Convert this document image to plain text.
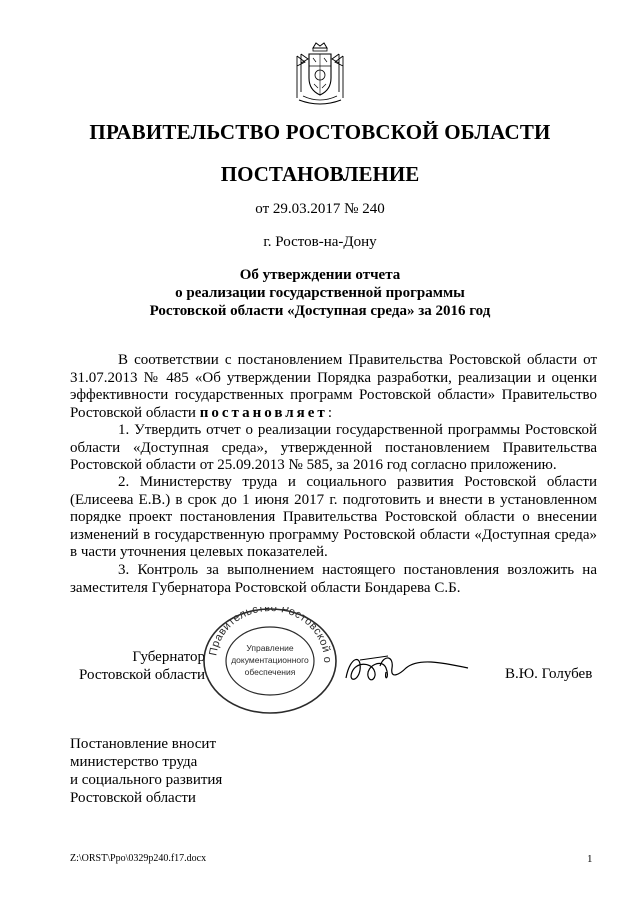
ПРАВИТЕЛЬСТВО РОСТОВСКОЙ ОБЛАСТИ
ПОСТАНОВЛЕНИЕ
от 29.03.2017 № 240
г. Ростов-на-Дону
Об утверждении отчета
о реализации государственной программы
Ростовской области «Доступная среда» за 2016 год
В соответствии с постановлением Правительства Ростовской области от 31.07.2013 № 485 «Об утверждении Порядка разработки, реализации и оценки эффективности государственных программ Ростовской области» Правительство Ростовской области постановляет:
1. Утвердить отчет о реализации государственной программы Ростовской области «Доступная среда», утвержденной постановлением Правительства Ростовской области от 25.09.2013 № 585, за 2016 год согласно приложению.
2. Министерству труда и социального развития Ростовской области (Елисеева Е.В.) в срок до 1 июня 2017 г. подготовить и внести в установленном порядке проект постановления Правительства Ростовской области о внесении изменений в государственную программу Ростовской области «Доступная среда» в части уточнения целевых показателей.
3. Контроль за выполнением настоящего постановления возложить на заместителя Губернатора Ростовской области Бондарева С.Б.
Губернатор
Ростовской области
Правительство Ростовской о
Управление
документационного
обеспечения	В.Ю. Голубев
Постановление вносит
министерство труда
и социального развития
Ростовской области
Z:\ORST\Ppo\0329p240.f17.docx	1
